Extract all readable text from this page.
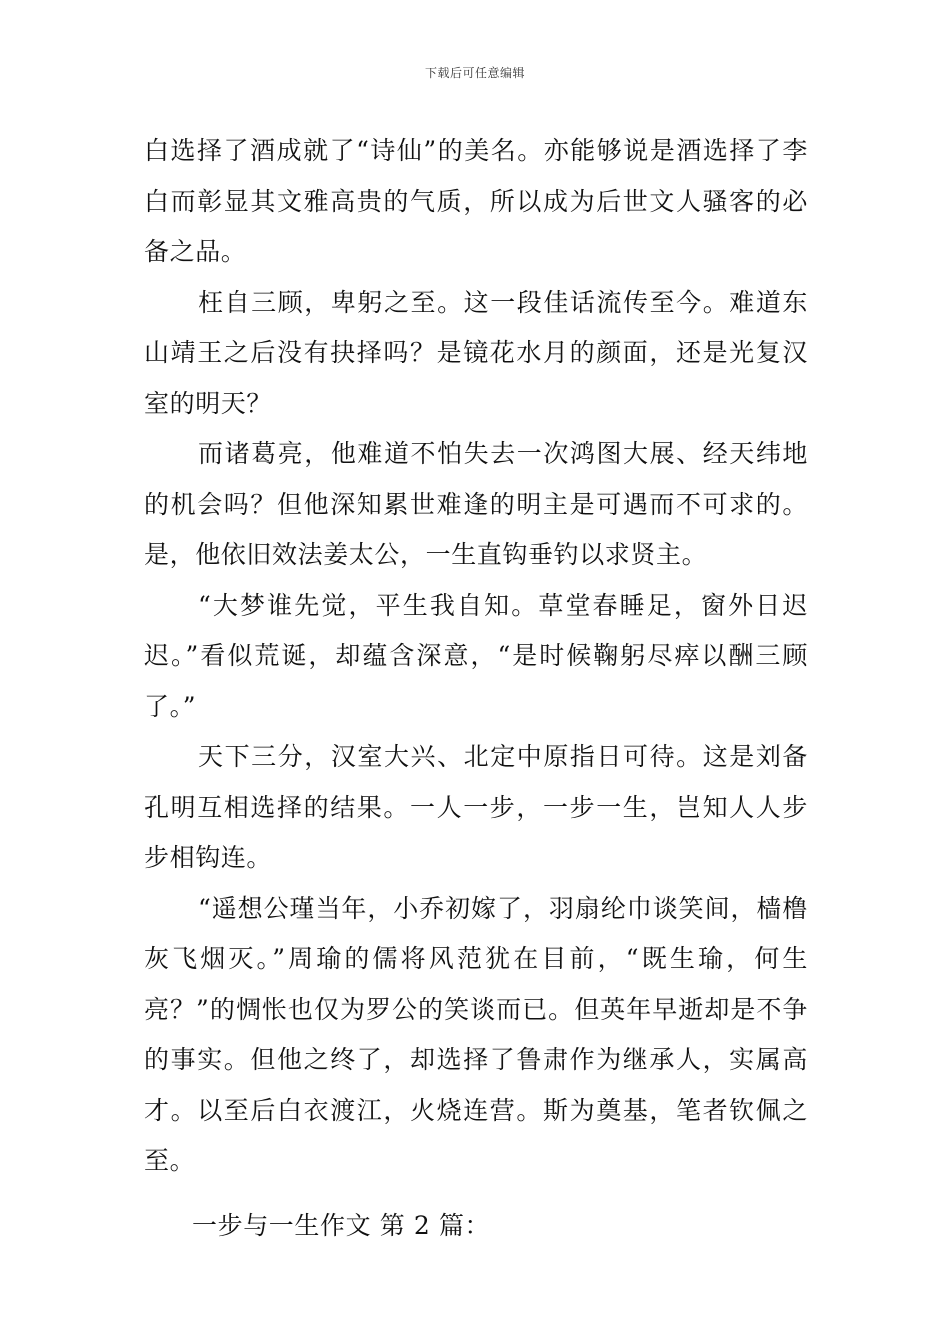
下载后可任意编辑

白选择了酒成就了“诗仙”的美名。亦能够说是酒选择了李白而彰显其文雅高贵的气质，所以成为后世文人骚客的必备之品。

枉自三顾，卑躬之至。这一段佳话流传至今。难道东山靖王之后没有抉择吗？是镜花水月的颜面，还是光复汉室的明天？

而诸葛亮，他难道不怕失去一次鸿图大展、经天纬地的机会吗？但他深知累世难逢的明主是可遇而不可求的。是，他依旧效法姜太公，一生直钩垂钓以求贤主。

“大梦谁先觉，平生我自知。草堂春睡足，窗外日迟迟。”看似荒诞，却蕴含深意，“是时候鞠躬尽瘁以酬三顾了。”

天下三分，汉室大兴、北定中原指日可待。这是刘备孔明互相选择的结果。一人一步，一步一生，岂知人人步步相钩连。

“遥想公瑾当年，小乔初嫁了，羽扇纶巾谈笑间，樯橹灰飞烟灭。”周瑜的儒将风范犹在目前，“既生瑜，何生亮？”的惆怅也仅为罗公的笑谈而已。但英年早逝却是不争的事实。但他之终了，却选择了鲁肃作为继承人，实属高才。以至后白衣渡江，火烧连营。斯为奠基，笔者钦佩之至。

一步与一生作文 第 2 篇：
